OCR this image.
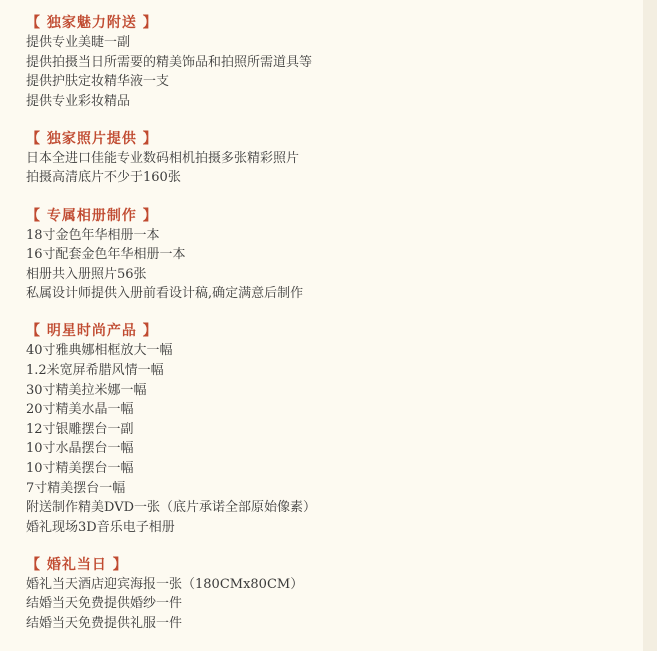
【 独家魅力附送 】
提供专业美睫一副
提供拍摄当日所需要的精美饰品和拍照所需道具等
提供护肤定妆精华液一支
提供专业彩妆精品
【 独家照片提供 】
日本全进口佳能专业数码相机拍摄多张精彩照片
拍摄高清底片不少于160张
【 专属相册制作 】
18寸金色年华相册一本
16寸配套金色年华相册一本
相册共入册照片56张
私属设计师提供入册前看设计稿,确定满意后制作
【 明星时尚产品 】
40寸雅典娜相框放大一幅
1.2米宽屏希腊风情一幅
30寸精美拉米娜一幅
20寸精美水晶一幅
12寸银雕摆台一副
10寸水晶摆台一幅
10寸精美摆台一幅
7寸精美摆台一幅
附送制作精美DVD一张（底片承诺全部原始像素）
婚礼现场3D音乐电子相册
【 婚礼当日 】
婚礼当天酒店迎宾海报一张（180CMx80CM）
结婚当天免费提供婚纱一件
结婚当天免费提供礼服一件
